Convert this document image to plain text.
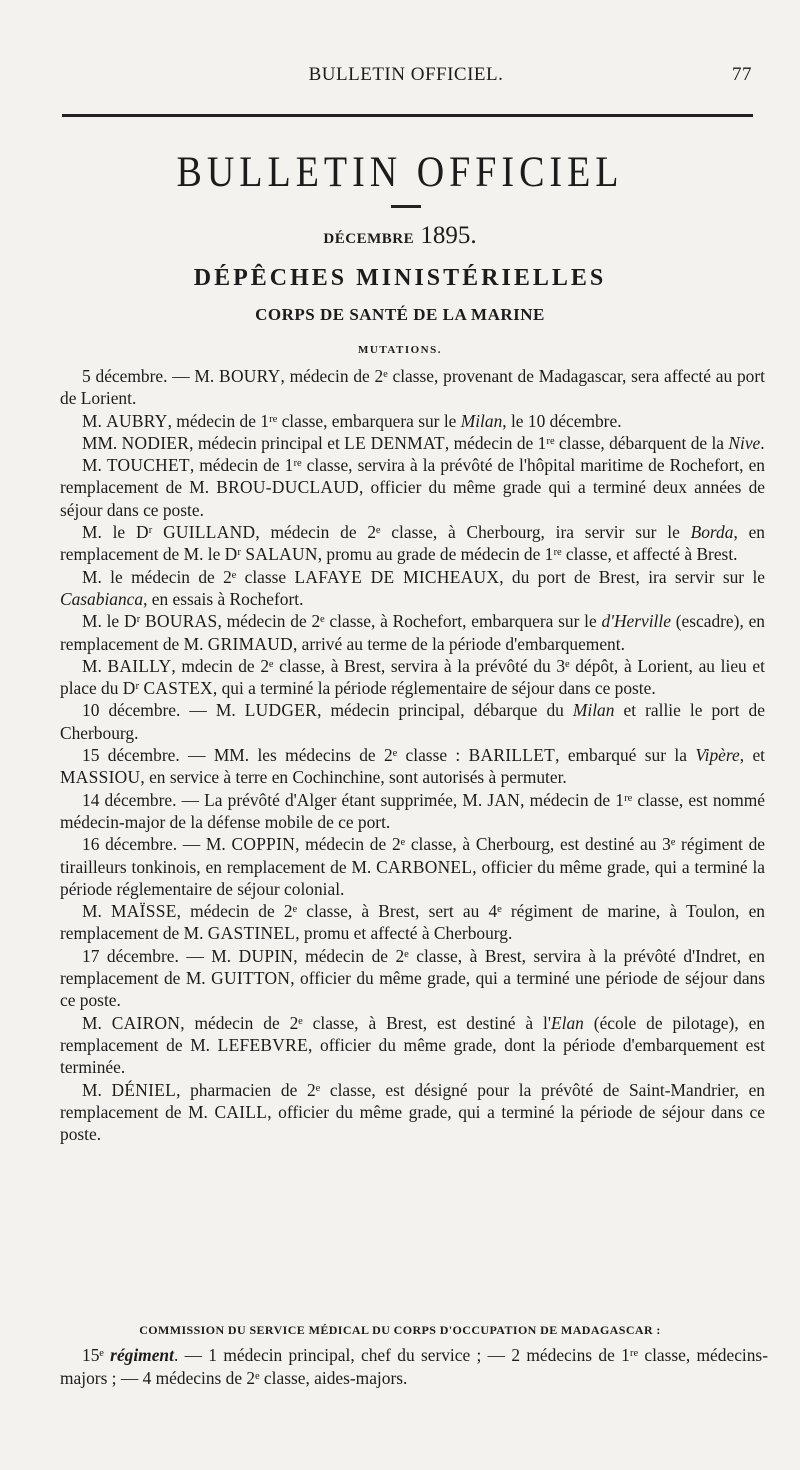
BULLETIN OFFICIEL.	77
BULLETIN OFFICIEL
DÉCEMBRE 1895.
DÉPÊCHES MINISTÉRIELLES
CORPS DE SANTÉ DE LA MARINE
MUTATIONS.

5 décembre. — M. BOURY, médecin de 2ᵉ classe, provenant de Madagascar, sera affecté au port de Lorient.

M. AUBRY, médecin de 1ʳᵉ classe, embarquera sur le Milan, le 10 décembre.

MM. NODIER, médecin principal et LE DENMAT, médecin de 1ʳᵉ classe, débarquent de la Nive.

M. TOUCHET, médecin de 1ʳᵉ classe, servira à la prévôté de l'hôpital maritime de Rochefort, en remplacement de M. BROU-DUCLAUD, officier du même grade qui a terminé deux années de séjour dans ce poste.

M. le Dʳ GUILLAND, médecin de 2ᵉ classe, à Cherbourg, ira servir sur le Borda, en remplacement de M. le Dʳ SALAUN, promu au grade de médecin de 1ʳᵉ classe, et affecté à Brest.

M. le médecin de 2ᵉ classe LAFAYE DE MICHEAUX, du port de Brest, ira servir sur le Casabianca, en essais à Rochefort.

M. le Dʳ BOURAS, médecin de 2ᵉ classe, à Rochefort, embarquera sur le d'Herville (escadre), en remplacement de M. GRIMAUD, arrivé au terme de la période d'embarquement.

M. BAILLY, mdecin de 2ᵉ classe, à Brest, servira à la prévôté du 3ᵉ dépôt, à Lorient, au lieu et place du Dʳ CASTEX, qui a terminé la période réglementaire de séjour dans ce poste.

10 décembre. — M. LUDGER, médecin principal, débarque du Milan et rallie le port de Cherbourg.

15 décembre. — MM. les médecins de 2ᵉ classe : BARILLET, embarqué sur la Vipère, et MASSIOU, en service à terre en Cochinchine, sont autorisés à permuter.

14 décembre. — La prévôté d'Alger étant supprimée, M. JAN, médecin de 1ʳᵉ classe, est nommé médecin-major de la défense mobile de ce port.

16 décembre. — M. COPPIN, médecin de 2ᵉ classe, à Cherbourg, est destiné au 3ᵉ régiment de tirailleurs tonkinois, en remplacement de M. CARBONEL, officier du même grade, qui a terminé la période réglementaire de séjour colonial.

M. MAÏSSE, médecin de 2ᵉ classe, à Brest, sert au 4ᵉ régiment de marine, à Toulon, en remplacement de M. GASTINEL, promu et affecté à Cherbourg.

17 décembre. — M. DUPIN, médecin de 2ᵉ classe, à Brest, servira à la prévôté d'Indret, en remplacement de M. GUITTON, officier du même grade, qui a terminé une période de séjour dans ce poste.

M. CAIRON, médecin de 2ᵉ classe, à Brest, est destiné à l'Elan (école de pilotage), en remplacement de M. LEFEBVRE, officier du même grade, dont la période d'embarquement est terminée.

M. DÉNIEL, pharmacien de 2ᵉ classe, est désigné pour la prévôté de Saint-Mandrier, en remplacement de M. CAILL, officier du même grade, qui a terminé la période de séjour dans ce poste.

COMMISSION DU SERVICE MÉDICAL DU CORPS D'OCCUPATION DE MADAGASCAR :

15ᵉ régiment. — 1 médecin principal, chef du service ; — 2 médecins de 1ʳᵉ classe, médecins-majors ; — 4 médecins de 2ᵉ classe, aides-majors.
